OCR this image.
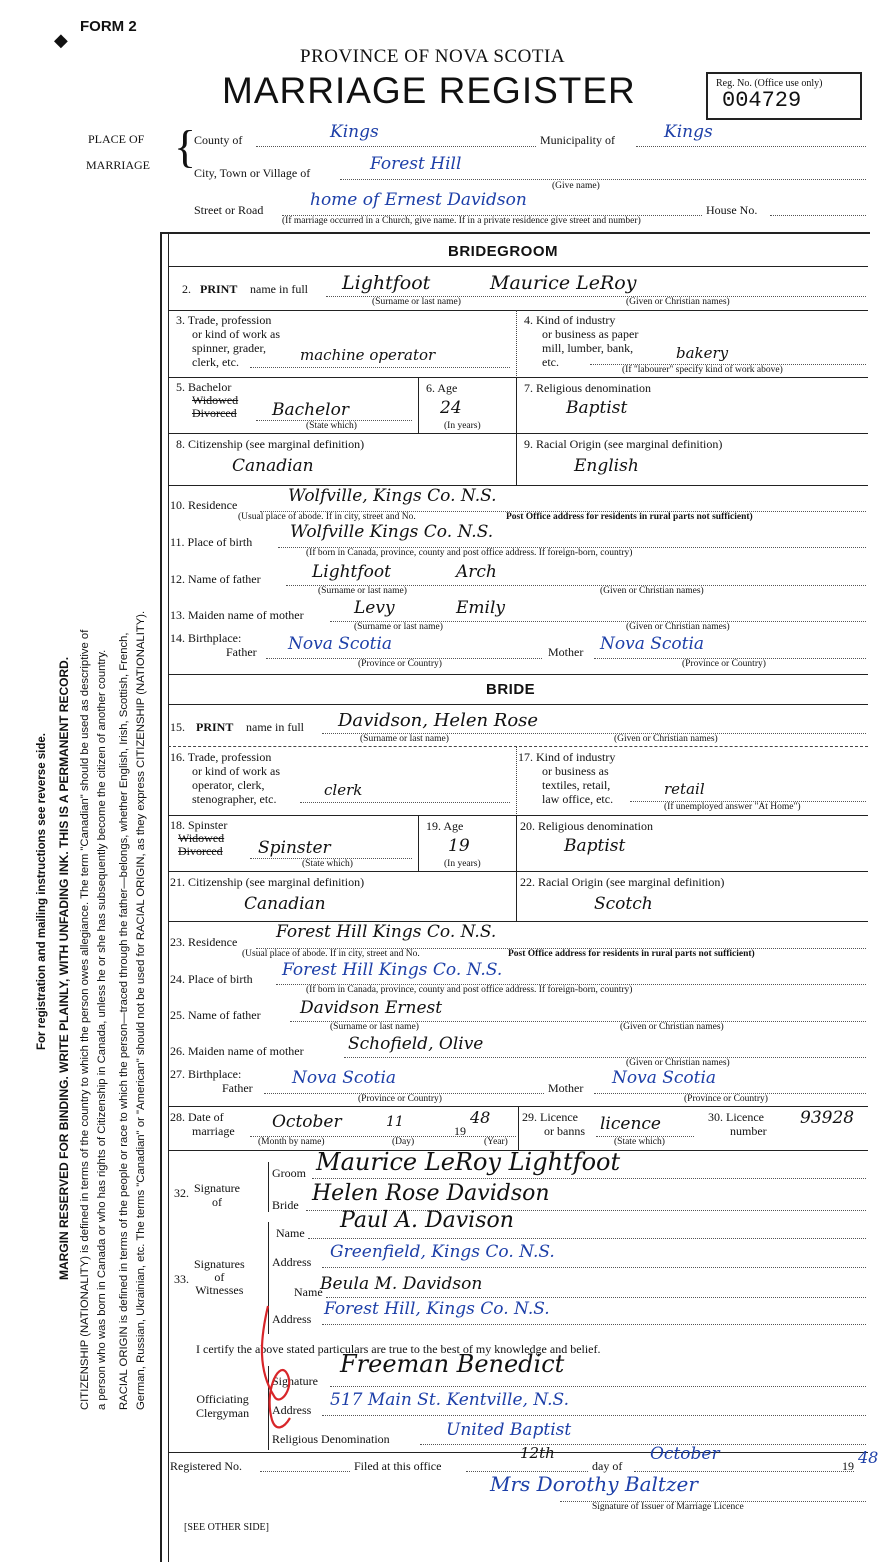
For registration and mailing instructions see reverse side. MARGIN RESERVED FOR BINDING. WRITE PLAINLY, WITH UNFADING INK. THIS IS A PERMANENT RECORD. CITIZENSHIP (NATIONALITY) is defined in terms of the country to which the person owes allegiance. The term "Canadian" should be used as descriptive of a person who was born in Canada or who has rights of Citizenship in Canada, unless he or she has subsequently become the citizen of another country. RACIAL ORIGIN is defined in terms of the people or race to which the person—traced through the father—belongs, whether English, Irish, Scottish, French, German, Russian, Ukrainian, etc. The terms "Canadian" or "American" should not be used for RACIAL ORIGIN, as they express CITIZENSHIP (NATIONALITY).
◆
FORM 2
PROVINCE OF NOVA SCOTIA
MARRIAGE REGISTER	Reg. No. (Office use only)
004729
PLACE OF
MARRIAGE {
County of	Kings	Municipality of	Kings
City, Town or Village of	Forest Hill
(Give name)
Street or Road	home of Ernest Davidson	House No.
(If marriage occurred in a Church, give name. If in a private residence give street and number)
BRIDEGROOM
2. PRINT name in full Lightfoot	Maurice LeRoy
(Surname or last name)	(Given or Christian names)
3. Trade, profession
or kind of work as
spinner, grader,
clerk, etc.	machine operator
4. Kind of industry
or business as paper
mill, lumber, bank,
etc.	bakery
(If "labourer" specify kind of work above)
5. Bachelor
Widowed
Divorced Bachelor
(State which)
6. Age
24
(In years)
7. Religious denomination
Baptist
8. Citizenship (see marginal definition)
Canadian
9. Racial Origin (see marginal definition)
English
10. Residence	Wolfville, Kings Co. N.S.
(Usual place of abode. If in city, street and No.	Post Office address for residents in rural parts not sufficient)
11. Place of birth Wolfville Kings Co. N.S.
(If born in Canada, province, county and post office address. If foreign-born, country)
12. Name of father	Lightfoot	Arch
(Surname or last name)	(Given or Christian names)
13. Maiden name of mother	Levy	Emily
(Surname or last name)	(Given or Christian names)
14. Birthplace:
Father Nova Scotia
(Province or Country)
Mother Nova Scotia
(Province or Country)
BRIDE
15. PRINT name in full Davidson, Helen Rose
(Surname or last name)	(Given or Christian names)
16. Trade, profession
or kind of work as
operator, clerk,
stenographer, etc.	clerk
17. Kind of industry
or business as
textiles, retail,
law office, etc.
retail
(If unemployed answer "At Home")
18. Spinster
Widowed
Divorced Spinster
(State which)
19. Age
19
(In years)
20. Religious denomination
Baptist
21. Citizenship (see marginal definition)
Canadian
22. Racial Origin (see marginal definition)
Scotch
23. Residence Forest Hill Kings Co. N.S.
(Usual place of abode. If in city, street and No.	Post Office address for residents in rural parts not sufficient)
24. Place of birth Forest Hill Kings Co. N.S.
(If born in Canada, province, county and post office address. If foreign-born, country)
25. Name of father Davidson Ernest
(Surname or last name)	(Given or Christian names)
26. Maiden name of mother	Schofield, Olive
(Given or Christian names)
27. Birthplace:
Father Nova Scotia
(Province or Country)
Mother Nova Scotia
(Province or Country)
28. Date of
marriage October	11
19
48
(Month by name)	(Day)	(Year)
29. Licence
or banns licence
(State which)
30. Licence
number
93928
32. Signature
of
Groom Maurice LeRoy Lightfoot
Bride Helen Rose Davidson
33.
Signatures
of
Witnesses
Name Paul A. Davison
Address Greenfield, Kings Co. N.S.
Name
Beula M. Davidson
Address Forest Hill, Kings Co. N.S.
I certify the above stated particulars are true to the best of my knowledge and belief.
Officiating
Clergyman
Signature
Freeman Benedict
Address 517 Main St. Kentville, N.S.
Religious Denomination	United Baptist
Registered No.	Filed at this office
12th
day of
October
19 48
Mrs Dorothy Baltzer
Signature of Issuer of Marriage Licence
[SEE OTHER SIDE]
